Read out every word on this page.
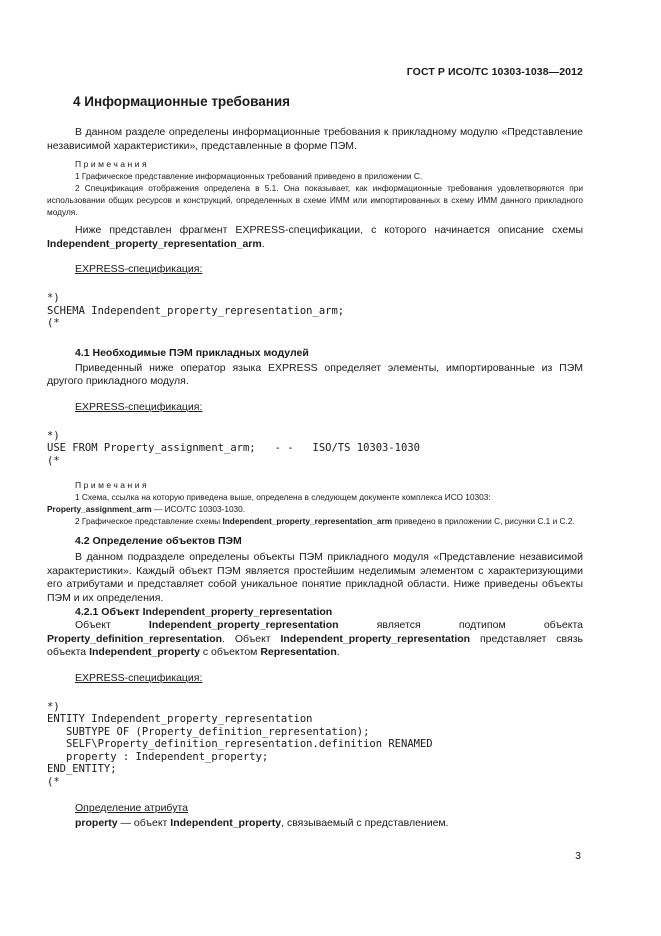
ГОСТ Р ИСО/ТС 10303-1038—2012
4 Информационные требования

В данном разделе определены информационные требования к прикладному модулю «Представление независимой характеристики», представленные в форме ПЭМ.

Примечания

1 Графическое представление информационных требований приведено в приложении С.

2 Спецификация отображения определена в 5.1. Она показывает, как информационные требования удовлетворяются при использовании общих ресурсов и конструкций, определенных в схеме ИММ или импортированных в схему ИММ данного прикладного модуля.

Ниже представлен фрагмент EXPRESS-спецификации, с которого начинается описание схемы Independent_property_representation_arm.

EXPRESS-спецификация:
*)
SCHEMA Independent_property_representation_arm;
(*
4.1 Необходимые ПЭМ прикладных модулей

Приведенный ниже оператор языка EXPRESS определяет элементы, импортированные из ПЭМ другого прикладного модуля.

EXPRESS-спецификация:
*)
USE FROM Property_assignment_arm;   - -   ISO/TS 10303-1030
(*
Примечания

1 Схема, ссылка на которую приведена выше, определена в следующем документе комплекса ИСО 10303:

Property_assignment_arm — ИСО/ТС 10303-1030.

2 Графическое представление схемы Independent_property_representation_arm приведено в приложении С, рисунки С.1 и С.2.

4.2 Определение объектов ПЭМ

В данном подразделе определены объекты ПЭМ прикладного модуля «Представление независимой характеристики». Каждый объект ПЭМ является простейшим неделимым элементом с характеризующими его атрибутами и представляет собой уникальное понятие прикладной области. Ниже приведены объекты ПЭМ и их определения.

4.2.1 Объект Independent_property_representation

Объект Independent_property_representation является подтипом объекта Property_definition_representation. Объект Independent_property_representation представляет связь объекта Independent_property с объектом Representation.

EXPRESS-спецификация:
*)
ENTITY Independent_property_representation
SUBTYPE OF (Property_definition_representation);
SELF\Property_definition_representation.definition RENAMED
property : Independent_property;
END_ENTITY;
(*
Определение атрибута

property — объект Independent_property, связываемый с представлением.

3
